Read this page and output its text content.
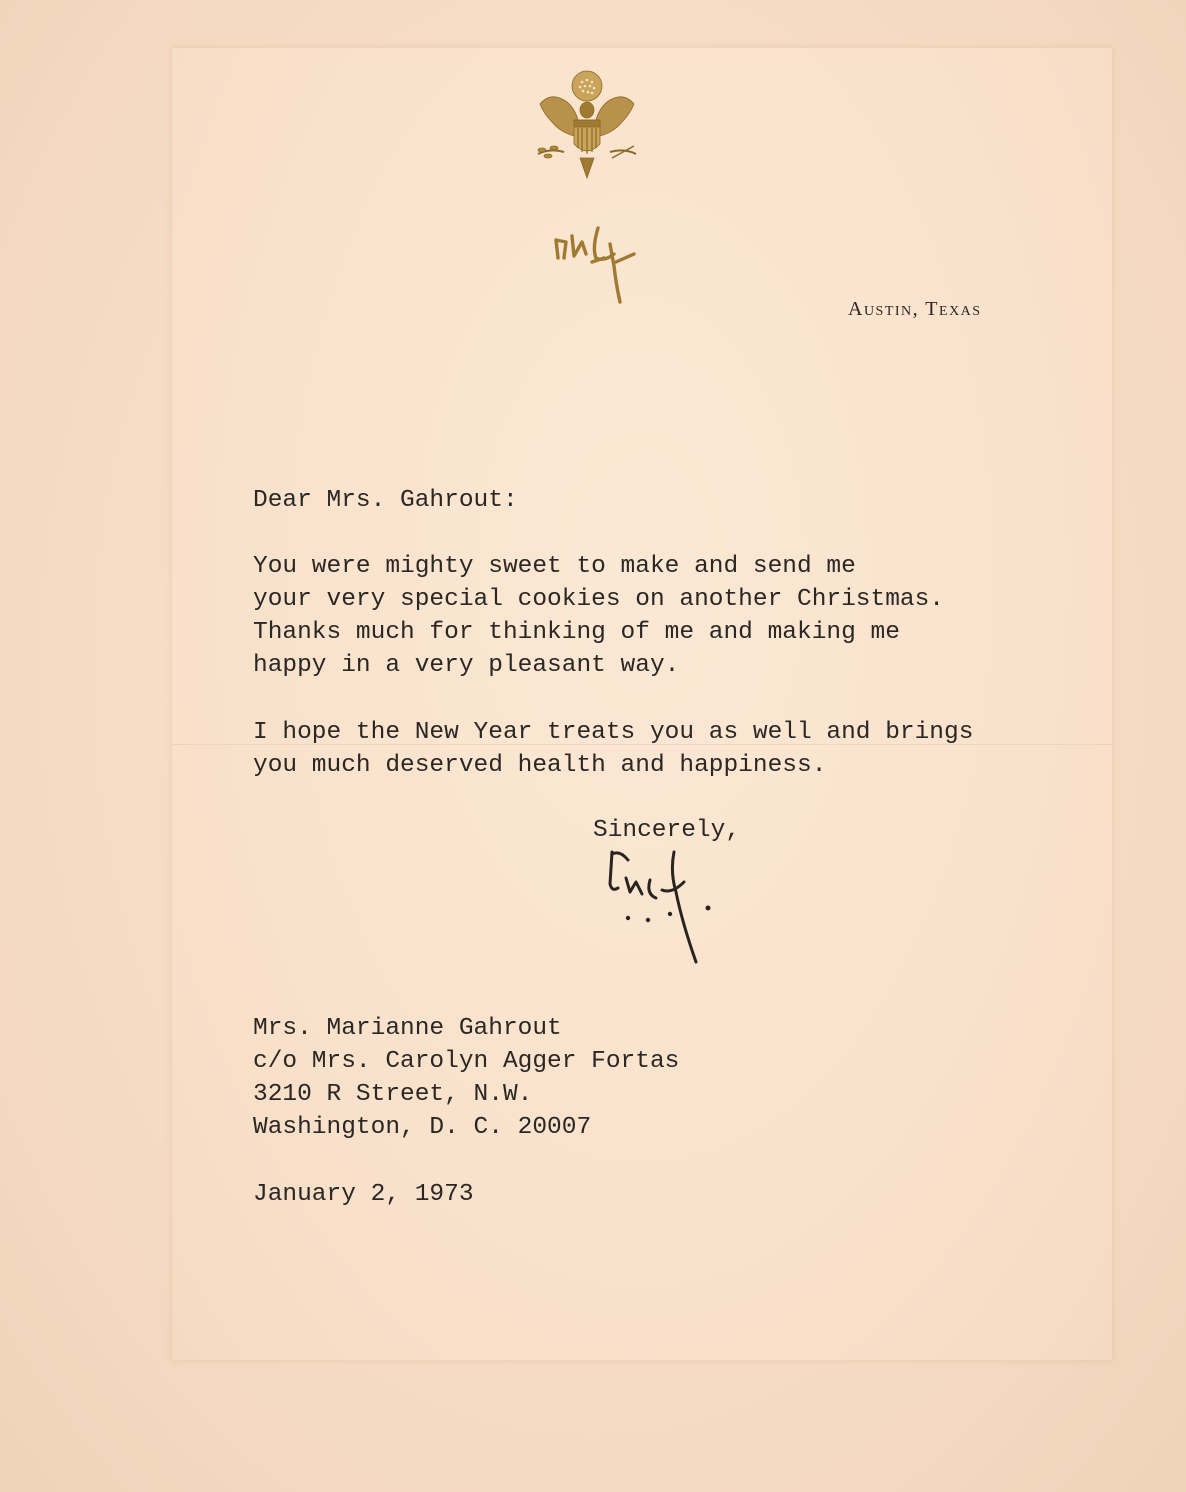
Austin, Texas
Dear Mrs. Gahrout:
You were mighty sweet to make and send me
your very special cookies on another Christmas.
Thanks much for thinking of me and making me
happy in a very pleasant way.
I hope the New Year treats you as well and brings
you much deserved health and happiness.
Sincerely,
Mrs. Marianne Gahrout
c/o Mrs. Carolyn Agger Fortas
3210 R Street, N.W.
Washington, D. C. 20007
January 2, 1973
